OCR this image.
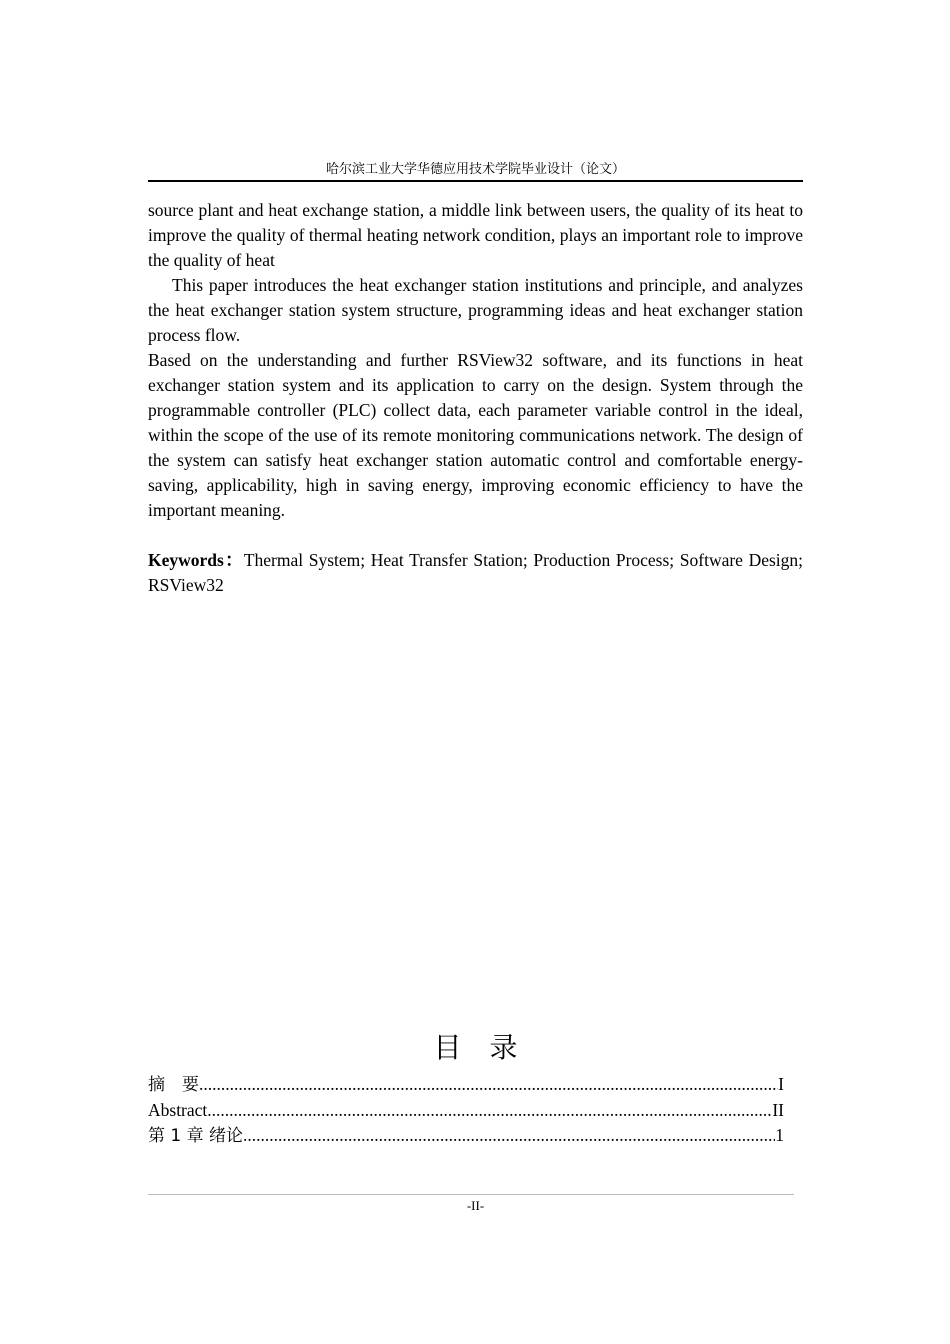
哈尔滨工业大学华德应用技术学院毕业设计（论文）

source plant and heat exchange station, a middle link between users, the quality of its heat to improve the quality of thermal heating network condition, plays an important role to improve the quality of heat

This paper introduces the heat exchanger station institutions and principle, and analyzes the heat exchanger station system structure, programming ideas and heat exchanger station process flow.

Based on the understanding and further RSView32 software, and its functions in heat exchanger station system and its application to carry on the design. System through the programmable controller (PLC) collect data, each parameter variable control in the ideal, within the scope of the use of its remote monitoring communications network. The design of the system can satisfy heat exchanger station automatic control and comfortable energy-saving, applicability, high in saving energy, improving economic efficiency to have the important meaning.

Keywords：Thermal System; Heat Transfer Station; Production Process; Software Design; RSView32

目录
摘　要 .....	I
Abstract .....	II
第 1 章 绪论 .....	1
-II-
